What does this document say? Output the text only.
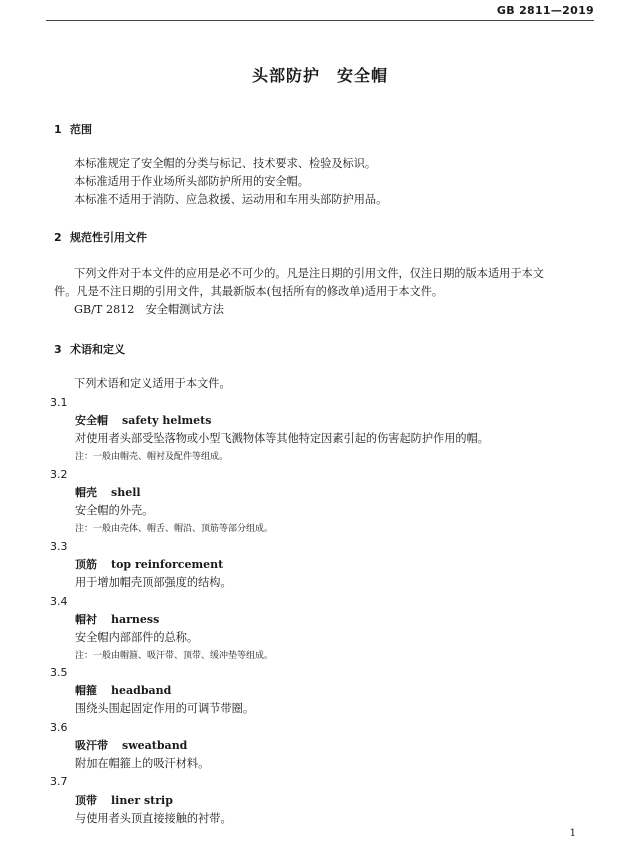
GB 2811—2019
头部防护　安全帽
1 范围
本标准规定了安全帽的分类与标记、技术要求、检验及标识。
本标准适用于作业场所头部防护所用的安全帽。
本标准不适用于消防、应急救援、运动用和车用头部防护用品。
2 规范性引用文件
下列文件对于本文件的应用是必不可少的。凡是注日期的引用文件，仅注日期的版本适用于本文
件。凡是不注日期的引用文件，其最新版本(包括所有的修改单)适用于本文件。
GB/T 2812　安全帽测试方法
3 术语和定义
下列术语和定义适用于本文件。
3.1
安全帽 safety helmets
对使用者头部受坠落物或小型飞溅物体等其他特定因素引起的伤害起防护作用的帽。
注：一般由帽壳、帽衬及配件等组成。
3.2
帽壳 shell
安全帽的外壳。
注：一般由壳体、帽舌、帽沿、顶筋等部分组成。
3.3
顶筋 top reinforcement
用于增加帽壳顶部强度的结构。
3.4
帽衬 harness
安全帽内部部件的总称。
注：一般由帽箍、吸汗带、顶带、缓冲垫等组成。
3.5
帽箍 headband
围绕头围起固定作用的可调节带圈。
3.6
吸汗带 sweatband
附加在帽箍上的吸汗材料。
3.7
顶带 liner strip
与使用者头顶直接接触的衬带。
1
